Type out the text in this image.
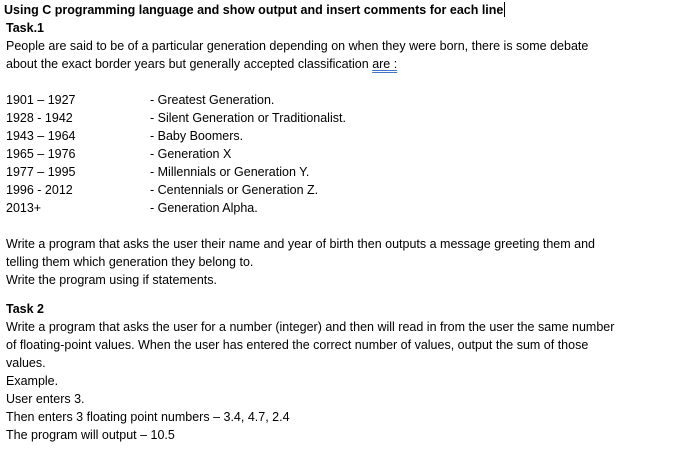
Using C programming language and show output and insert comments for each line
Task.1
People are said to be of a particular generation depending on when they were born, there is some debate
about the exact border years but generally accepted classification are :
1901 – 1927	- Greatest Generation.
1928 - 1942	- Silent Generation or Traditionalist.
1943 – 1964	- Baby Boomers.
1965 – 1976	- Generation X
1977 – 1995	- Millennials or Generation Y.
1996 - 2012	- Centennials or Generation Z.
2013+	- Generation Alpha.
Write a program that asks the user their name and year of birth then outputs a message greeting them and
telling them which generation they belong to.
Write the program using if statements.
Task 2
Write a program that asks the user for a number (integer) and then will read in from the user the same number
of floating-point values. When the user has entered the correct number of values, output the sum of those
values.
Example.
User enters 3.
Then enters 3 floating point numbers – 3.4, 4.7, 2.4
The program will output – 10.5
